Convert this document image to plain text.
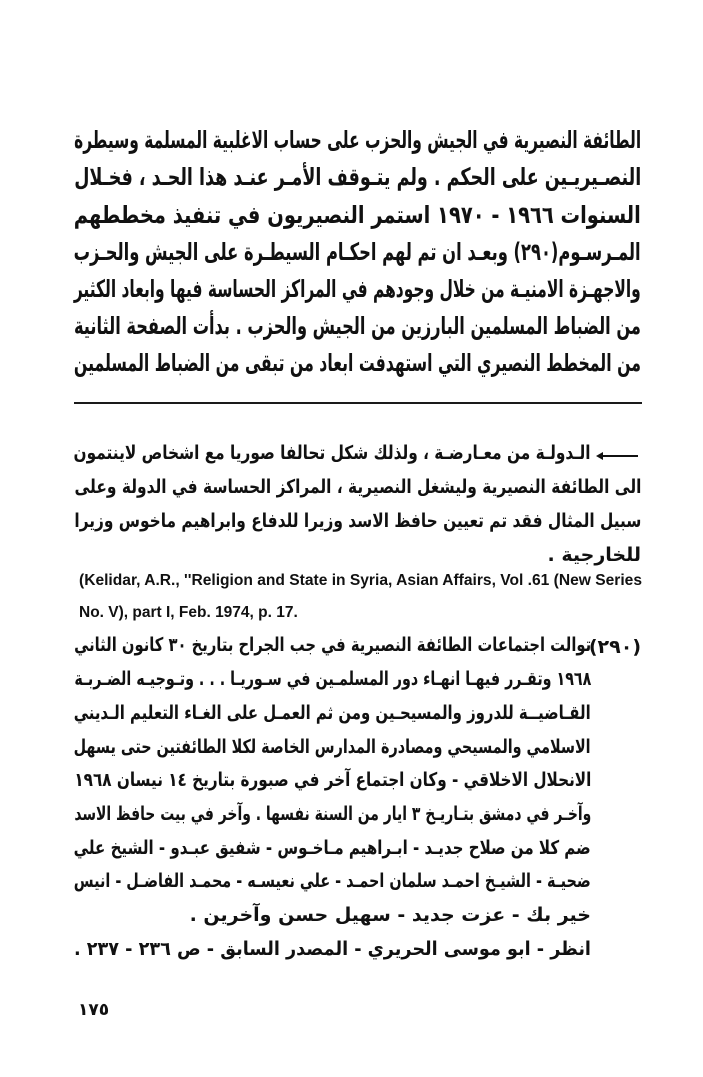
الطائفة النصيرية في الجيش والحزب على حساب الاغلبية المسلمة وسيطرة
النصـيريـين على الحكم . ولم يتـوقف الأمـر عنـد هذا الحـد ، فخـلال
السنوات ١٩٦٦ - ١٩٧٠ استمر النصيريون في تنفيذ مخططهم
المـرسـوم(٢٩٠) وبعـد ان تم لهم احكـام السيطـرة على الجيش والحـزب
والاجهـزة الامنيـة من خلال وجودهم في المراكز الحساسة فيها وابعاد الكثير
من الضباط المسلمين البارزين من الجيش والحزب . بدأت الصفحة الثانية
من المخطط النصيري التي استهدفت ابعاد من تبقى من الضباط المسلمين
الـدولـة من معـارضـة ، ولذلك شكل تحالفا صوريا مع اشخاص لاينتمون
الى الطائفة النصيرية وليشغل النصيرية ، المراكز الحساسة في الدولة وعلى
سبيل المثال فقد تم تعيين حافظ الاسد وزيرا للدفاع وابراهيم ماخوس وزيرا
للخارجية .
(Kelidar, A.R., ''Religion and State in Syria, Asian Affairs, Vol .61 (New Series
No. V), part I, Feb. 1974, p. 17.
(٢٩٠)
توالت اجتماعات الطائفة النصيرية في جب الجراح بتاريخ ٣٠ كانون الثاني
١٩٦٨ وتقـرر فيهـا انهـاء دور المسلمـين في سـوريـا . . . وتـوجيـه الضـربـة
القـاضيــة للدروز والمسيحـين ومن ثم العمـل على الغـاء التعليم الـديني
الاسلامي والمسيحي ومصادرة المدارس الخاصة لكلا الطائفتين حتى يسهل
الانحلال الاخلاقي - وكان اجتماع آخر في صبورة بتاريخ ١٤ نيسان ١٩٦٨
وآخـر في دمشق بتـاريـخ ٣ ايار من السنة نفسها . وآخر في بيت حافظ الاسد
ضم كلا من صلاح جديـد - ابـراهيم مـاخـوس - شفيق عبـدو - الشيخ علي
ضحيـة - الشيـخ احمـد سلمان احمـد - علي نعيسـه - محمـد الفاضـل - انيس
خير بك - عزت جديد - سهيل حسن وآخرين .
انظر - ابو موسى الحريري - المصدر السابق - ص ٢٣٦ - ٢٣٧ .
١٧٥
